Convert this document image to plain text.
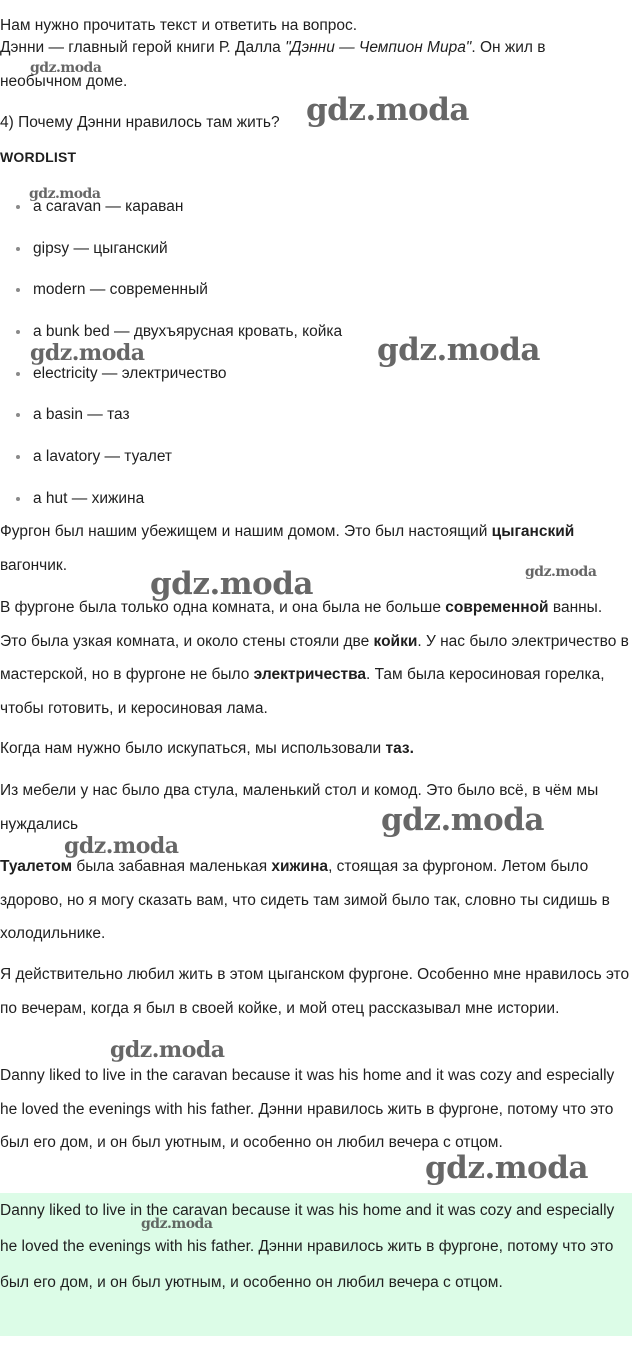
Нам нужно прочитать текст и ответить на вопрос.

Дэнни — главный герой книги Р. Далла "Дэнни — Чемпион Мира". Он жил в

необычном доме.

4) Почему Дэнни нравилось там жить?

WORDLIST

a caravan — караван
gipsy — цыганский
modern — современный
a bunk bed — двухъярусная кровать, койка
electricity — электричество
a basin — таз
a lavatory — туалет
a hut — хижина

Фургон был нашим убежищем и нашим домом. Это был настоящий цыганский вагончик.

В фургоне была только одна комната, и она была не больше современной ванны. Это была узкая комната, и около стены стояли две койки. У нас было электричество в мастерской, но в фургоне не было электричества. Там была керосиновая горелка, чтобы готовить, и керосиновая лама.

Когда нам нужно было искупаться, мы использовали таз.

Из мебели у нас было два стула, маленький стол и комод. Это было всё, в чём мы нуждались

Туалетом была забавная маленькая хижина, стоящая за фургоном. Летом было здорово, но я могу сказать вам, что сидеть там зимой было так, словно ты сидишь в холодильнике.

Я действительно любил жить в этом цыганском фургоне. Особенно мне нравилось это по вечерам, когда я был в своей койке, и мой отец рассказывал мне истории.

Danny liked to live in the caravan because it was his home and it was cozy and especially he loved the evenings with his father. Дэнни нравилось жить в фургоне, потому что это был его дом, и он был уютным, и особенно он любил вечера с отцом.

Danny liked to live in the caravan because it was his home and it was cozy and especially he loved the evenings with his father. Дэнни нравилось жить в фургоне, потому что это был его дом, и он был уютным, и особенно он любил вечера с отцом.

gdz.moda
gdz.moda
gdz.moda
gdz.moda	gdz.moda
gdz.moda	gdz.moda
gdz.moda
gdz.moda
gdz.moda
gdz.moda
gdz.moda
